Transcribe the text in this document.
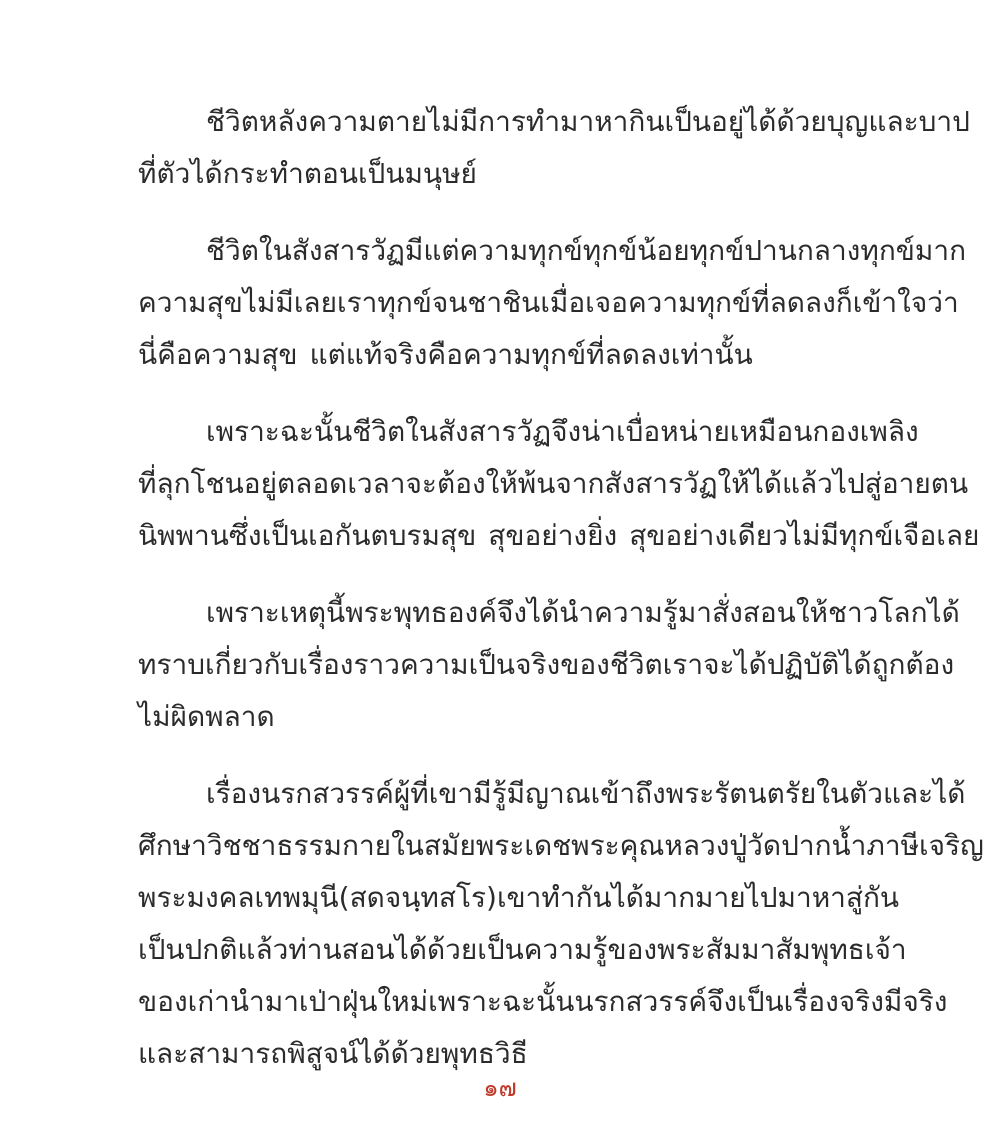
ชีวิตหลังความตาย ไม่มีการทำมาหากิน เป็นอยู่ได้ด้วยบุญและบาป
ที่ตัวได้กระทำตอนเป็นมนุษย์
ชีวิตในสังสารวัฏมีแต่ความทุกข์ ทุกข์น้อย ทุกข์ปานกลาง ทุกข์มาก
ความสุขไม่มีเลย เราทุกข์จนชาชิน เมื่อเจอความทุกข์ที่ลดลง ก็เข้าใจว่า
นี่คือความสุข แต่แท้จริงคือความทุกข์ที่ลดลงเท่านั้น
เพราะฉะนั้น ชีวิตในสังสารวัฏจึงน่าเบื่อหน่าย เหมือนกองเพลิง
ที่ลุกโชนอยู่ตลอดเวลา จะต้องให้พ้นจากสังสารวัฏให้ได้ แล้วไปสู่อายตน
นิพพานซึ่งเป็นเอกันตบรมสุข สุขอย่างยิ่ง สุขอย่างเดียวไม่มีทุกข์เจือเลย
เพราะเหตุนี้ พระพุทธองค์จึงได้นำความรู้มาสั่งสอนให้ชาวโลกได้
ทราบเกี่ยวกับเรื่องราวความเป็นจริงของชีวิต เราจะได้ปฏิบัติได้ถูกต้อง
ไม่ผิดพลาด
เรื่องนรกสวรรค์ ผู้ที่เขามีรู้มีญาณ เข้าถึงพระรัตนตรัยในตัวและได้
ศึกษาวิชชาธรรมกาย ในสมัยพระเดชพระคุณหลวงปู่วัดปากน้ำ ภาษีเจริญ
พระมงคลเทพมุนี (สด จนฺทสโร) เขาทำกันได้มากมาย ไปมาหาสู่กัน
เป็นปกติ แล้วท่านสอนได้ด้วย เป็นความรู้ของพระสัมมาสัมพุทธเจ้า
ของเก่านำมาเป่าฝุ่นใหม่ เพราะฉะนั้นนรกสวรรค์จึงเป็นเรื่องจริง มีจริง
และสามารถพิสูจน์ได้ด้วยพุทธวิธี
๑๗
